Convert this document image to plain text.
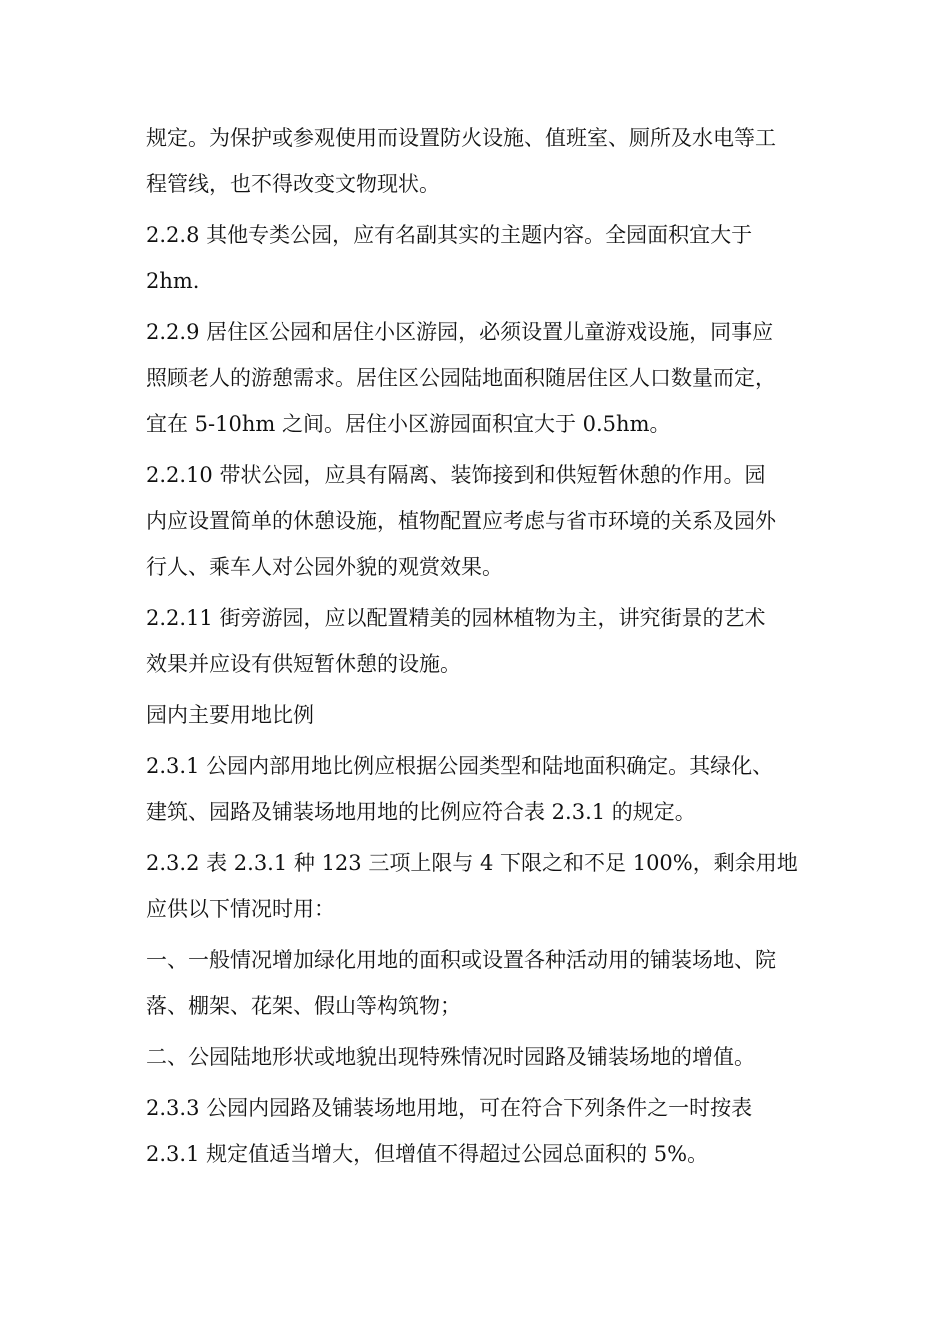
规定。为保护或参观使用而设置防火设施、值班室、厕所及水电等工
程管线，也不得改变文物现状。
2.2.8 其他专类公园，应有名副其实的主题内容。全园面积宜大于
2hm.
2.2.9 居住区公园和居住小区游园，必须设置儿童游戏设施，同事应
照顾老人的游憩需求。居住区公园陆地面积随居住区人口数量而定，
宜在 5-10hm 之间。居住小区游园面积宜大于 0.5hm。
2.2.10 带状公园，应具有隔离、装饰接到和供短暂休憩的作用。园
内应设置简单的休憩设施，植物配置应考虑与省市环境的关系及园外
行人、乘车人对公园外貌的观赏效果。
2.2.11 街旁游园，应以配置精美的园林植物为主，讲究街景的艺术
效果并应设有供短暂休憩的设施。
园内主要用地比例
2.3.1 公园内部用地比例应根据公园类型和陆地面积确定。其绿化、
建筑、园路及铺装场地用地的比例应符合表 2.3.1 的规定。
2.3.2 表 2.3.1 种 123 三项上限与 4 下限之和不足 100%，剩余用地
应供以下情况时用：
一、一般情况增加绿化用地的面积或设置各种活动用的铺装场地、院
落、棚架、花架、假山等构筑物；
二、公园陆地形状或地貌出现特殊情况时园路及铺装场地的增值。
2.3.3 公园内园路及铺装场地用地，可在符合下列条件之一时按表
2.3.1 规定值适当增大，但增值不得超过公园总面积的 5%。
